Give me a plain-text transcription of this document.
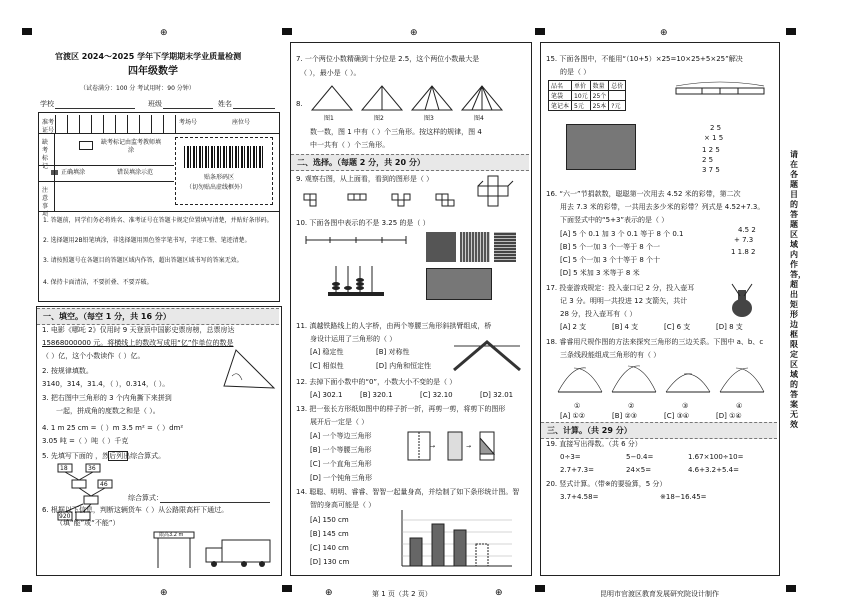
⊕	⊕	⊕
⊕	⊕	⊕
官渡区 2024～2025 学年下学期期末学业质量检测
四年级数学
（试卷满分：100 分 考试用时：90 分钟）
学校	班级	姓名
准考证号
考场号	座位号
缺考标记
缺考标记由监考教师填涂
正确填涂	错误填涂示范
注意事项
贴条形码区
（切勿贴出虚线框外）
1. 答题前，同学们务必将姓名、准考证号在答题卡规定位置填写清楚，并贴好条形码。
2. 选择题用2B铅笔填涂，非选择题用黑色签字笔书写，字迹工整、笔迹清楚。
3. 请按照题号在各题目的答题区域内作答，超出答题区域书写的答案无效。
4. 保持卡面清洁，不要折叠、不要弄破。
一、填空。（每空 1 分，共 16 分）
1. 电影《哪吒 2》仅用时 9 天登顶中国影史票房榜，总票房达
15868000000 元。将横线上的数改写成用“亿”作单位的数是
（ ）亿，这个小数读作（ ）亿。
2. 按规律填数。
3140，314，31.4，（ ），0.314，（ ）。
3. 把右图中三角形的 3 个内角撕下来拼到
一起，拼成角的度数之和是（ ）。
4. 1 m 25 cm =（ ）m 3.5 m² =（ ）dm²
3.05 吨 =（ ）吨（ ）千克
5. 先填写下面的 ，然后列出综合算式。
18	36
46
920
综合算式：
6. 根据以下信息，判断这辆货车（ ）从公路限高杆下通过。
（填“能”或“不能”）
限高3.2 m
7. 一个两位小数精确到十分位是 2.5，这个两位小数最大是
（ ），最小是（ ）。
8.
图1	图2	图3	图4
数一数，图 1 中有（ ）个三角形。按这样的规律，图 4
中一共有（ ）个三角形。
二、选择。（每题 2 分，共 20 分）
9. 观察右图，从上面看，看到的图形是（ ）
10. 下面各图中表示的不是 3.25 的是（ ）
11. 滇越铁路线上的人字桥，由两个等腰三角形斜拱臂组成，桥
身设计运用了三角形的（ ）
[A] 稳定性	[B] 对称性
[C] 相似性	[D] 内角和恒定性
12. 去掉下面小数中的“0”，小数大小不变的是（ ）
[A] 302.1 [B] 320.1	[C] 32.10	[D] 32.01
13. 把一张长方形纸如图中的样子折一折，再剪一剪，将剪下的图形
展开后一定是（ ）
[A] 一个等边三角形
[B] 一个等腰三角形
[C] 一个直角三角形
[D] 一个钝角三角形
→	→
14. 聪聪、明明、睿睿、智智一起量身高，并绘制了如下条形统计图。智
智的身高可能是（ ）
[A] 150 cm
[B] 145 cm
[C] 140 cm
[D] 130 cm
15. 下面各图中，不能用“（10+5）×25=10×25+5×25”解决
的是（ ）
品名	单价	数量	总价
笔袋	10元	25个	
笔记本	5元	25本	?元
2 5
× 1 5
1 2 5
2 5
3 7 5
16. “六一”节捐款数，聪聪第一次用去 4.52 米的彩带，第二次
用去 7.3 米的彩带，一共用去多少米的彩带？列式是 4.52+7.3。
下面竖式中的“5+3”表示的是（ ）
[A] 5 个 0.1 加 3 个 0.1 等于 8 个 0.1
[B] 5 个一加 3 个一等于 8 个一
[C] 5 个一加 3 个十等于 8 个十
[D] 5 米加 3 米等于 8 米
4.5 2
+ 7.3
1 1.8 2
17. 投壶游戏规定：投入壶口记 2 分，投入壶耳
记 3 分。明明一共投进 12 支箭矢，共计
28 分，投入壶耳有（ ）
[A] 2 支	[B] 4 支	[C] 6 支	[D] 8 支
18. 睿睿用尺规作图的方法来探究三角形的三边关系。下图中 a、b、c
三条线段能组成三角形的有（ ）
①	②	③	④
[A] ①②	[B] ②③	[C] ③④	[D] ①④
三、计算。（共 29 分）
19. 直接写出得数。（共 6 分）
0÷3=	5−0.4=	1.67×100÷10=
2.7+7.3=	24×5=	4.6+3.2+5.4=
20. 竖式计算。（带※的要验算，5 分）
3.7+4.58=	※18−16.45=
请在各题目的答题区域内作答，超出矩形边框限定区域的答案无效
第 1 页（共 2 页）	昆明市官渡区教育发展研究院设计制作
